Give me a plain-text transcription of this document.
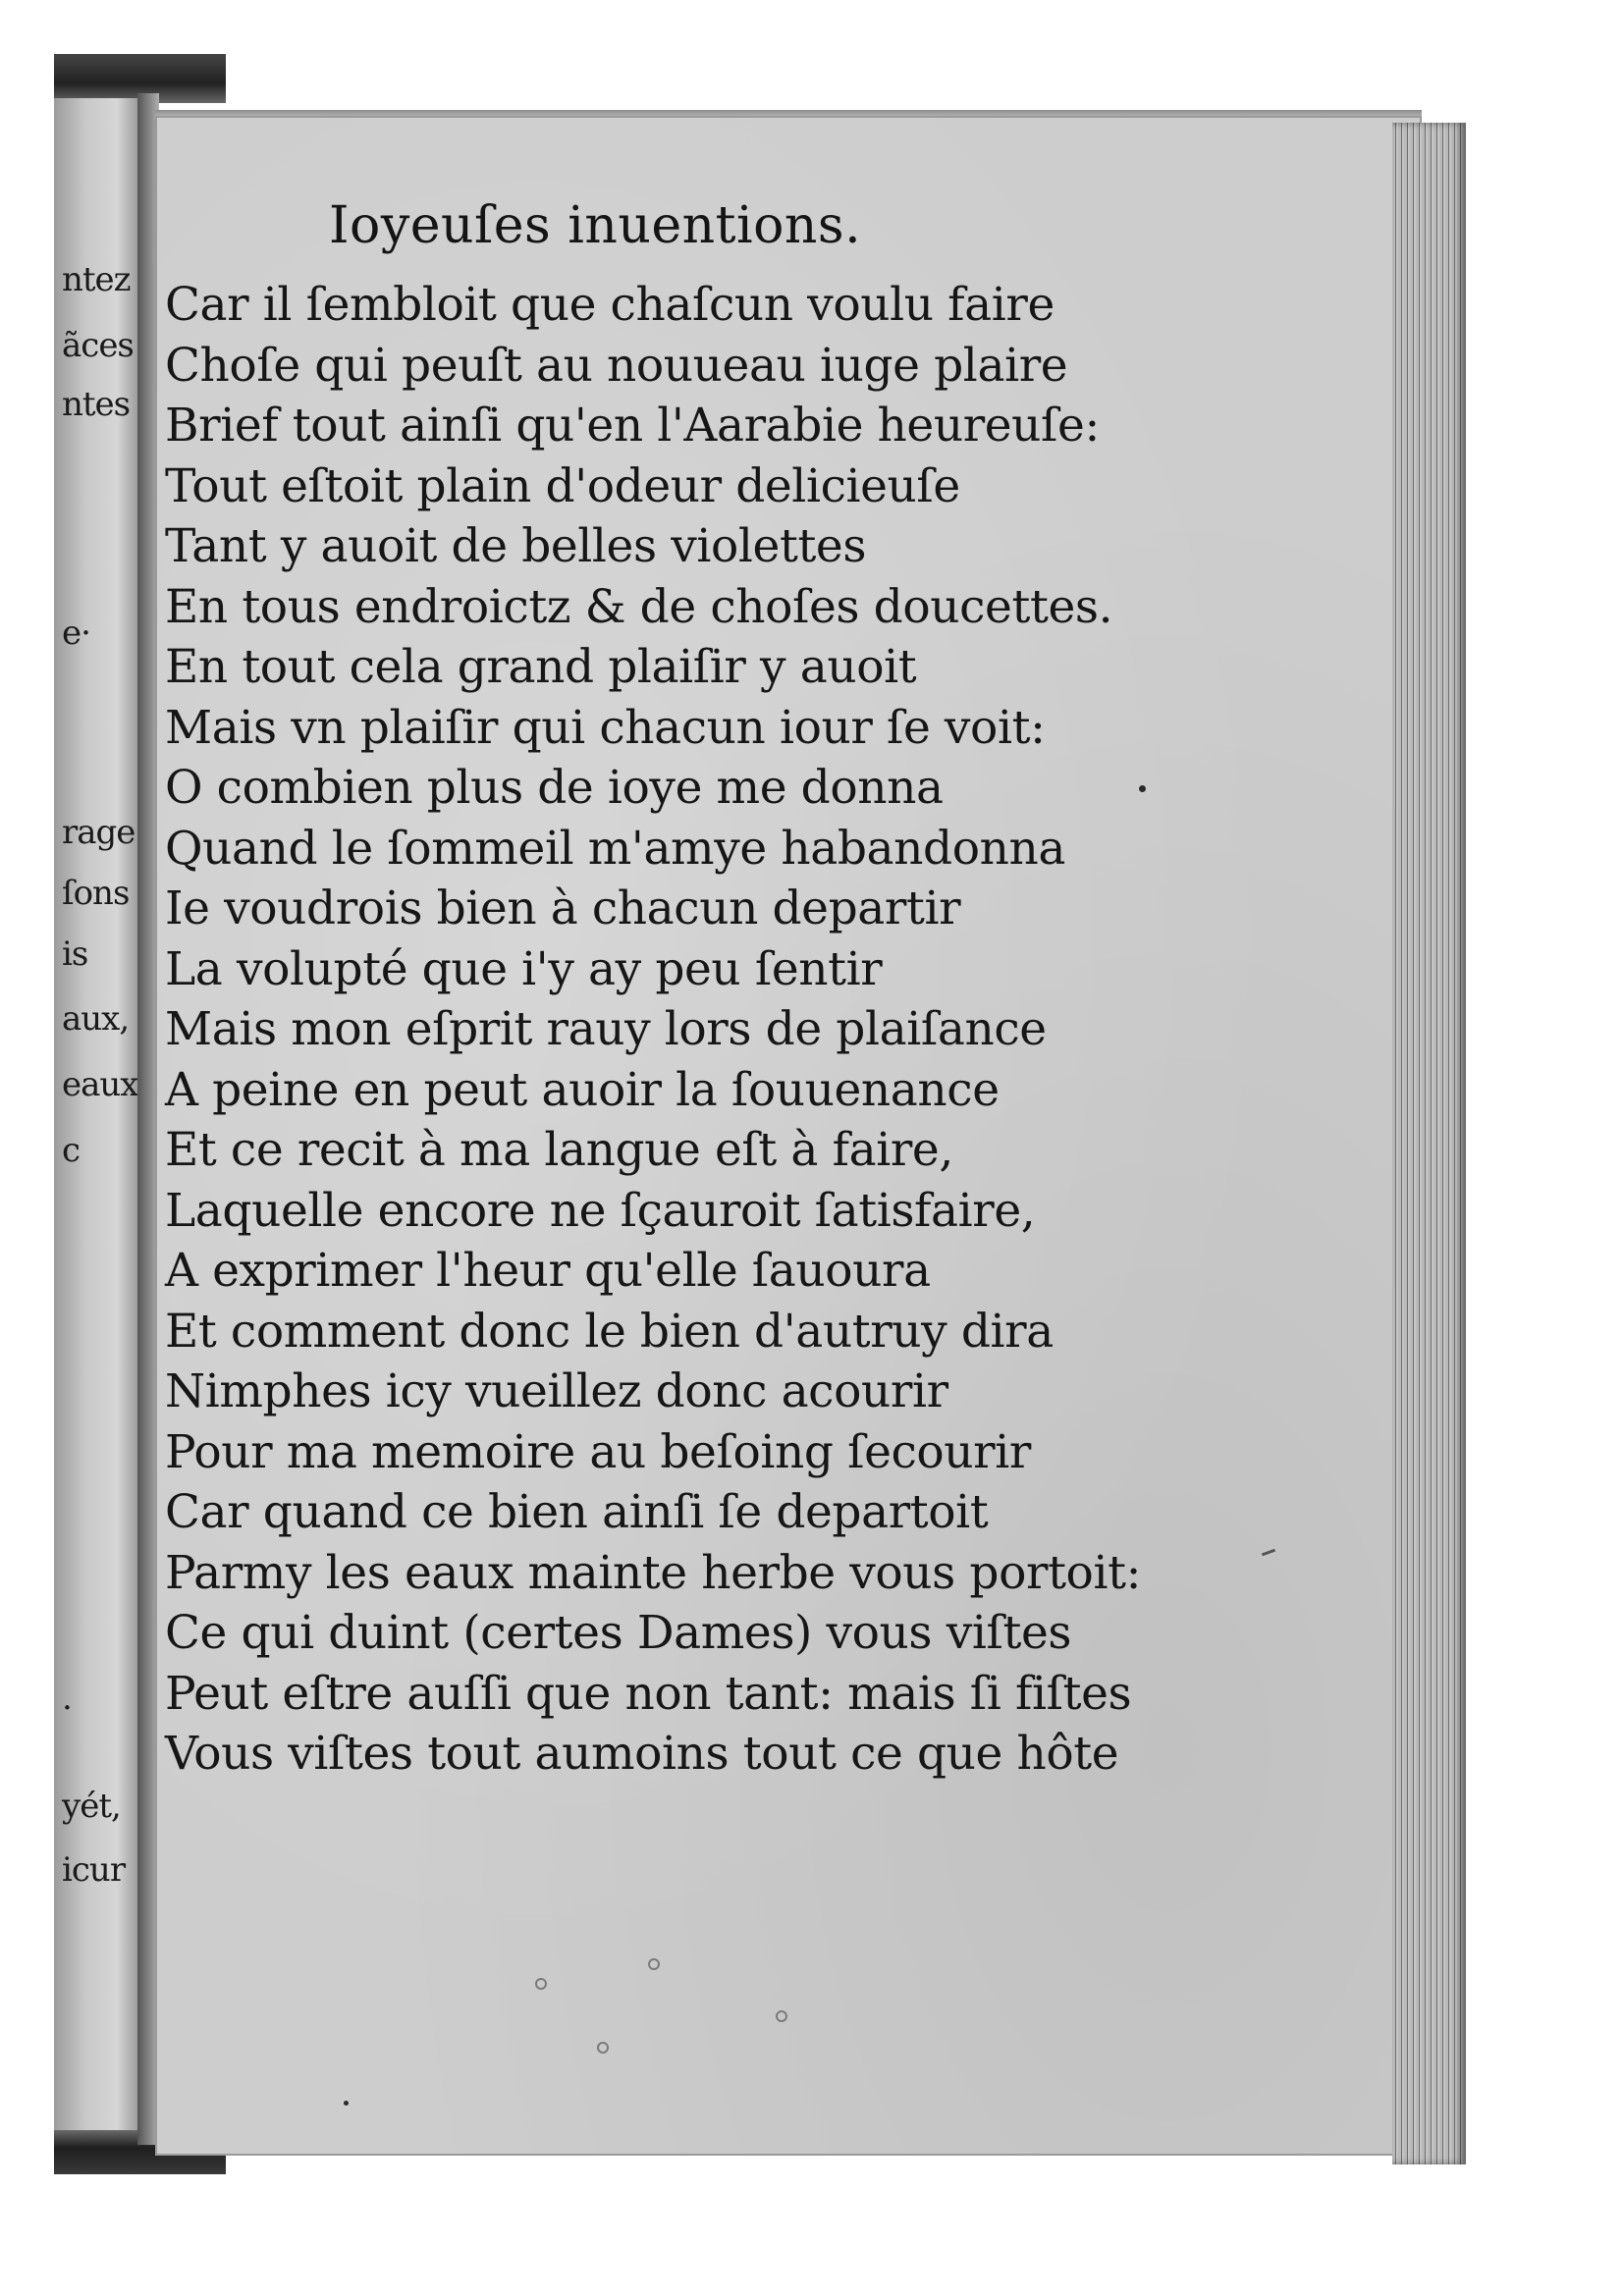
ntez
ãces
ntes
e·
rage
ſons
is
aux,
eaux
c
.
yét,
icur
Ioyeuſes inuentions.
Car il ſembloit que chaſcun voulu faire
Choſe qui peuſt au nouueau iuge plaire
Brief tout ainſi qu'en l'Aarabie heureuſe:
Tout eſtoit plain d'odeur delicieuſe
Tant y auoit de belles violettes
En tous endroictz & de choſes doucettes.
En tout cela grand plaiſir y auoit
Mais vn plaiſir qui chacun iour ſe voit:
O combien plus de ioye me donna
Quand le ſommeil m'amye habandonna
Ie voudrois bien à chacun departir
La volupté que i'y ay peu ſentir
Mais mon eſprit rauy lors de plaiſance
A peine en peut auoir la ſouuenance
Et ce recit à ma langue eſt à faire,
Laquelle encore ne ſçauroit ſatisfaire,
A exprimer l'heur qu'elle ſauoura
Et comment donc le bien d'autruy dira
Nimphes icy vueillez donc acourir
Pour ma memoire au beſoing ſecourir
Car quand ce bien ainſi ſe departoit
Parmy les eaux mainte herbe vous portoit:
Ce qui duint (certes Dames) vous viſtes
Peut eſtre auſſi que non tant: mais ſi fiſtes
Vous viſtes tout aumoins tout ce que hôte
